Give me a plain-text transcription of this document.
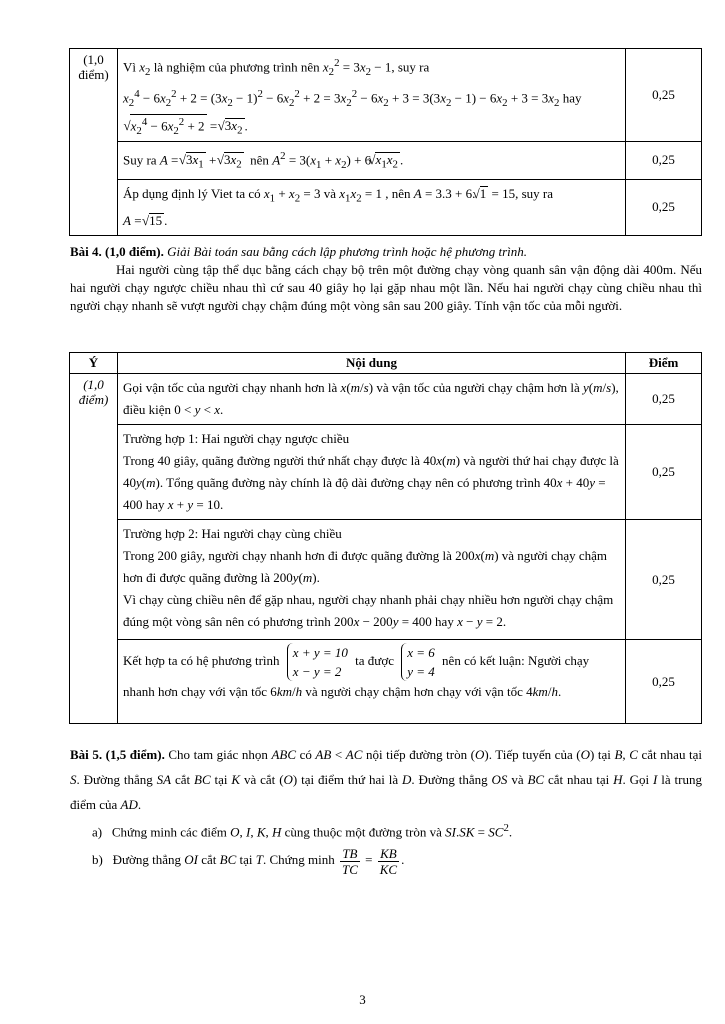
(1,0
điểm)	Vì $x_2$ là nghiệm của phương trình nên $x_2^2 = 3x_2 - 1$, suy ra
$x_2^4 - 6x_2^2 + 2 = (3x_2 - 1)^2 - 6x_2^2 + 2 = 3x_2^2 - 6x_2 + 3 = 3(3x_2 - 1) - 6x_2 + 3 = 3x_2$ hay
√ $x_2^4 - 6x_2^2 + 2$ =  √ $3x_2$ .	0,25
	Suy ra A =  √ $3x_1$ +  √ $3x_2$  nên $A^2 = 3(x_1 + x_2) + 6$ √ $x_1x_2$ .	0,25
	Áp dụng định lý Viet ta có $x_1 + x_2 = 3$ và $x_1x_2 = 1$ , nên A = 3.3 + 6. √ 1 = 15, suy ra
A =  √ 15 .	0,25
Bài 4. (1,0 điểm). Giải Bài toán sau bằng cách lập phương trình hoặc hệ phương trình.
Hai người cùng tập thể dục bằng cách chạy bộ trên một đường chạy vòng quanh sân vận động dài 400m. Nếu hai người chạy ngược chiều nhau thì cứ sau 40 giây họ lại gặp nhau một lần. Nếu hai người chạy cùng chiều nhau thì người chạy nhanh sẽ vượt người chạy chậm đúng một vòng sân sau 200 giây. Tính vận tốc của mỗi người.
Ý	Nội dung	Điểm
(1,0
điểm)	Gọi vận tốc của người chạy nhanh hơn là x(m/s) và vận tốc của người chạy chậm hơn là y(m/s), điều kiện 0 < y < x.	0,25
	Trường hợp 1: Hai người chạy ngược chiều
Trong 40 giây, quãng đường người thứ nhất chạy được là 40x(m) và người thứ hai chạy được là 40y(m). Tổng quãng đường này chính là độ dài đường chạy nên có phương trình 40x + 40y = 400 hay x + y = 10.	0,25
	Trường hợp 2: Hai người chạy cùng chiều
Trong 200 giây, người chạy nhanh hơn đi được quãng đường là 200x(m) và người chạy chậm hơn đi được quãng đường là 200y(m).
Vì chạy cùng chiều nên để gặp nhau, người chạy nhanh phải chạy nhiều hơn người chạy chậm đúng một vòng sân nên có phương trình 200x − 200y = 400 hay x − y = 2.	0,25
	Kết hợp ta có hệ phương trình x + y = 10
x − y = 2 ta được x = 6
y = 4 nên có kết luận: Người chạy nhanh hơn chạy với vận tốc 6km/h và người chạy chậm hơn chạy với vận tốc 4km/h.	0,25
Bài 5. (1,5 điểm). Cho tam giác nhọn ABC có AB < AC nội tiếp đường tròn (O). Tiếp tuyến của (O) tại B, C cắt nhau tại S. Đường thẳng SA cắt BC tại K và cắt (O) tại điểm thứ hai là D. Đường thẳng OS và BC cắt nhau tại H. Gọi I là trung điểm của AD.
a)   Chứng minh các điểm O, I, K, H cùng thuộc một đường tròn và $SI.SK = SC^2$.
b)   Đường thẳng OI cắt BC tại T. Chứng minh $\frac{TB}{TC} = \frac{KB}{KC}$ .
3
